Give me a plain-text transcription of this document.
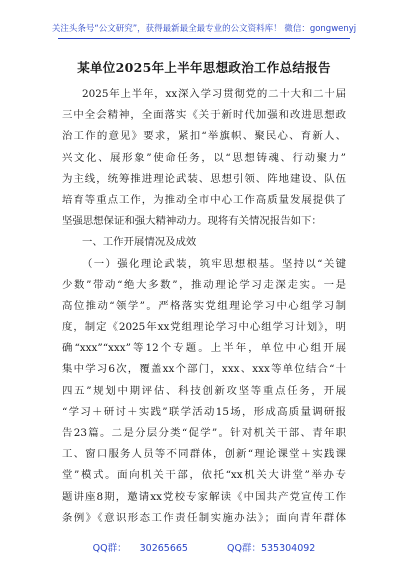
关注头条号“公文研究”，获得最新最全最专业的公文资料库！ 微信：gongwenyj
某单位2025年上半年思想政治工作总结报告
2025年上半年，xx深入学习贯彻党的二十大和二十届
三中全会精神，全面落实《关于新时代加强和改进思想政
治工作的意见》要求，紧扣“举旗帜、聚民心、育新人、
兴文化、展形象”使命任务，以“思想铸魂、行动聚力”
为主线，统筹推进理论武装、思想引领、阵地建设、队伍
培育等重点工作，为推动全市中心工作高质量发展提供了
坚强思想保证和强大精神动力。现将有关情况报告如下：
一、工作开展情况及成效
（一）强化理论武装，筑牢思想根基。坚持以“关键
少数”带动“绝大多数”，推动理论学习走深走实。一是
高位推动“领学”。严格落实党组理论学习中心组学习制
度，制定《2025年xx党组理论学习中心组学习计划》，明
确“xxx”“xxx”等12个专题。上半年，单位中心组开展
集中学习6次，覆盖xx个部门，xxx、xxx等单位结合“十
四五”规划中期评估、科技创新攻坚等重点任务，开展
“学习＋研讨＋实践”联学活动15场，形成高质量调研报
告23篇。二是分层分类“促学”。针对机关干部、青年职
工、窗口服务人员等不同群体，创新“理论课堂＋实践课
堂”模式。面向机关干部，依托“xx机关大讲堂”举办专
题讲座8期，邀请xx党校专家解读《中国共产党宣传工作
条例》《意识形态工作责任制实施办法》；面向青年群体
QQ群： 30265665	QQ群：535304092
